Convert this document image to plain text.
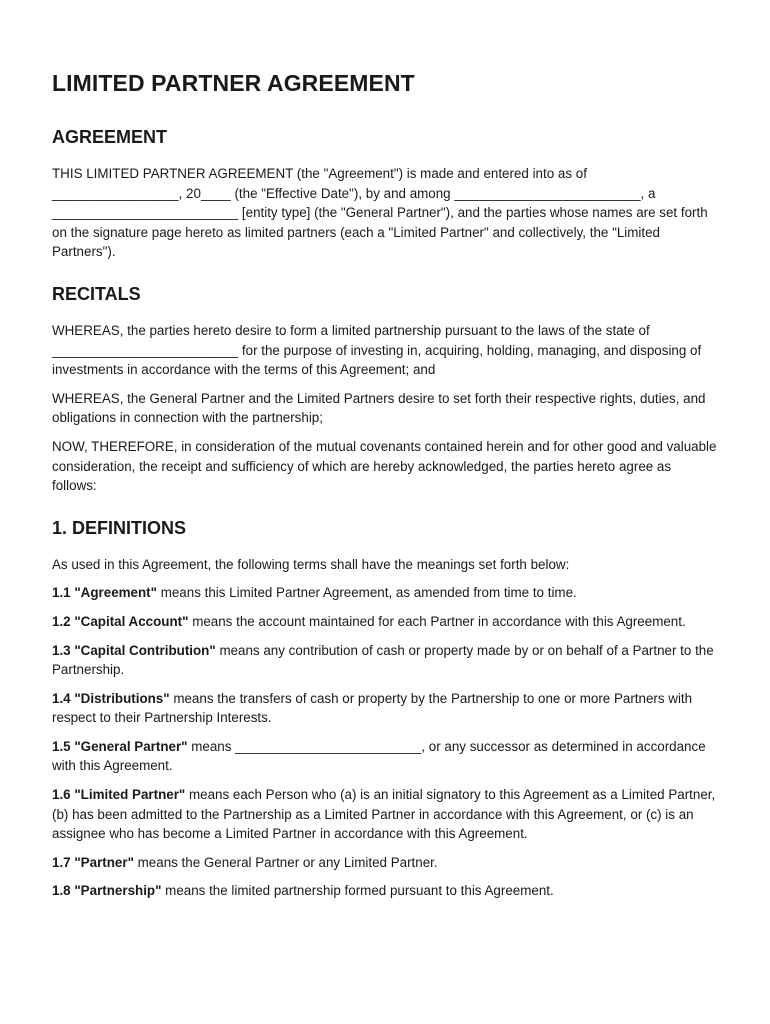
LIMITED PARTNER AGREEMENT
AGREEMENT

THIS LIMITED PARTNER AGREEMENT (the "Agreement") is made and entered into as of _________________, 20____ (the "Effective Date"), by and among _________________________, a _________________________ [entity type] (the "General Partner"), and the parties whose names are set forth on the signature page hereto as limited partners (each a "Limited Partner" and collectively, the "Limited Partners").

RECITALS

WHEREAS, the parties hereto desire to form a limited partnership pursuant to the laws of the state of _________________________ for the purpose of investing in, acquiring, holding, managing, and disposing of investments in accordance with the terms of this Agreement; and

WHEREAS, the General Partner and the Limited Partners desire to set forth their respective rights, duties, and obligations in connection with the partnership;

NOW, THEREFORE, in consideration of the mutual covenants contained herein and for other good and valuable consideration, the receipt and sufficiency of which are hereby acknowledged, the parties hereto agree as follows:

1. DEFINITIONS

As used in this Agreement, the following terms shall have the meanings set forth below:

1.1 "Agreement" means this Limited Partner Agreement, as amended from time to time.

1.2 "Capital Account" means the account maintained for each Partner in accordance with this Agreement.

1.3 "Capital Contribution" means any contribution of cash or property made by or on behalf of a Partner to the Partnership.

1.4 "Distributions" means the transfers of cash or property by the Partnership to one or more Partners with respect to their Partnership Interests.

1.5 "General Partner" means _________________________, or any successor as determined in accordance with this Agreement.

1.6 "Limited Partner" means each Person who (a) is an initial signatory to this Agreement as a Limited Partner, (b) has been admitted to the Partnership as a Limited Partner in accordance with this Agreement, or (c) is an assignee who has become a Limited Partner in accordance with this Agreement.

1.7 "Partner" means the General Partner or any Limited Partner.

1.8 "Partnership" means the limited partnership formed pursuant to this Agreement.
